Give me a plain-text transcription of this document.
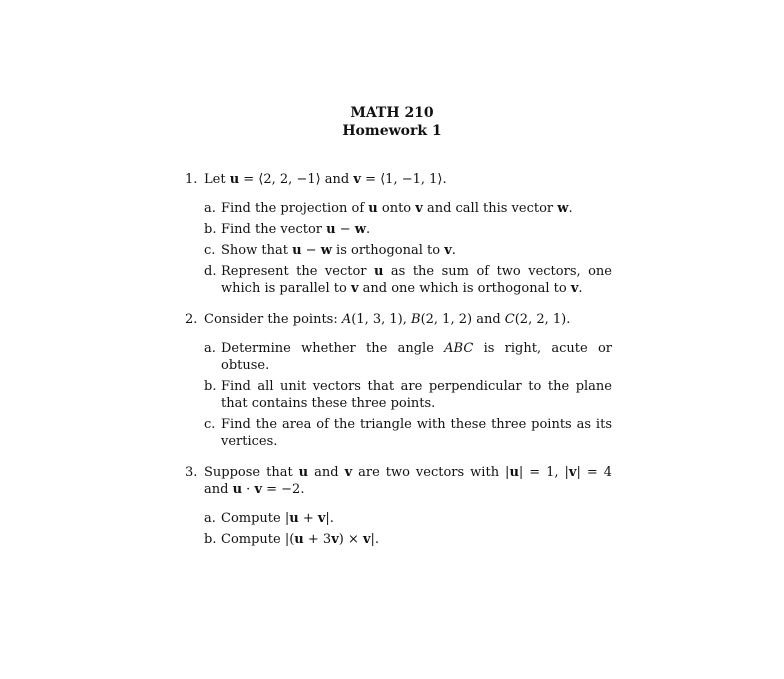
MATH 210
Homework 1
1. Let u = ⟨2, 2, −1⟩ and v = ⟨1, −1, 1⟩.
a. Find the projection of u onto v and call this vector w.
b. Find the vector u − w.
c. Show that u − w is orthogonal to v.
d. Represent the vector u as the sum of two vectors, one which is parallel to v and one which is orthogonal to v.
2. Consider the points: A(1, 3, 1), B(2, 1, 2) and C(2, 2, 1).
a. Determine whether the angle ABC is right, acute or obtuse.
b. Find all unit vectors that are perpendicular to the plane that contains these three points.
c. Find the area of the triangle with these three points as its vertices.
3. Suppose that u and v are two vectors with |u| = 1, |v| = 4 and u · v = −2.
a. Compute |u + v|.
b. Compute |(u + 3v) × v|.
